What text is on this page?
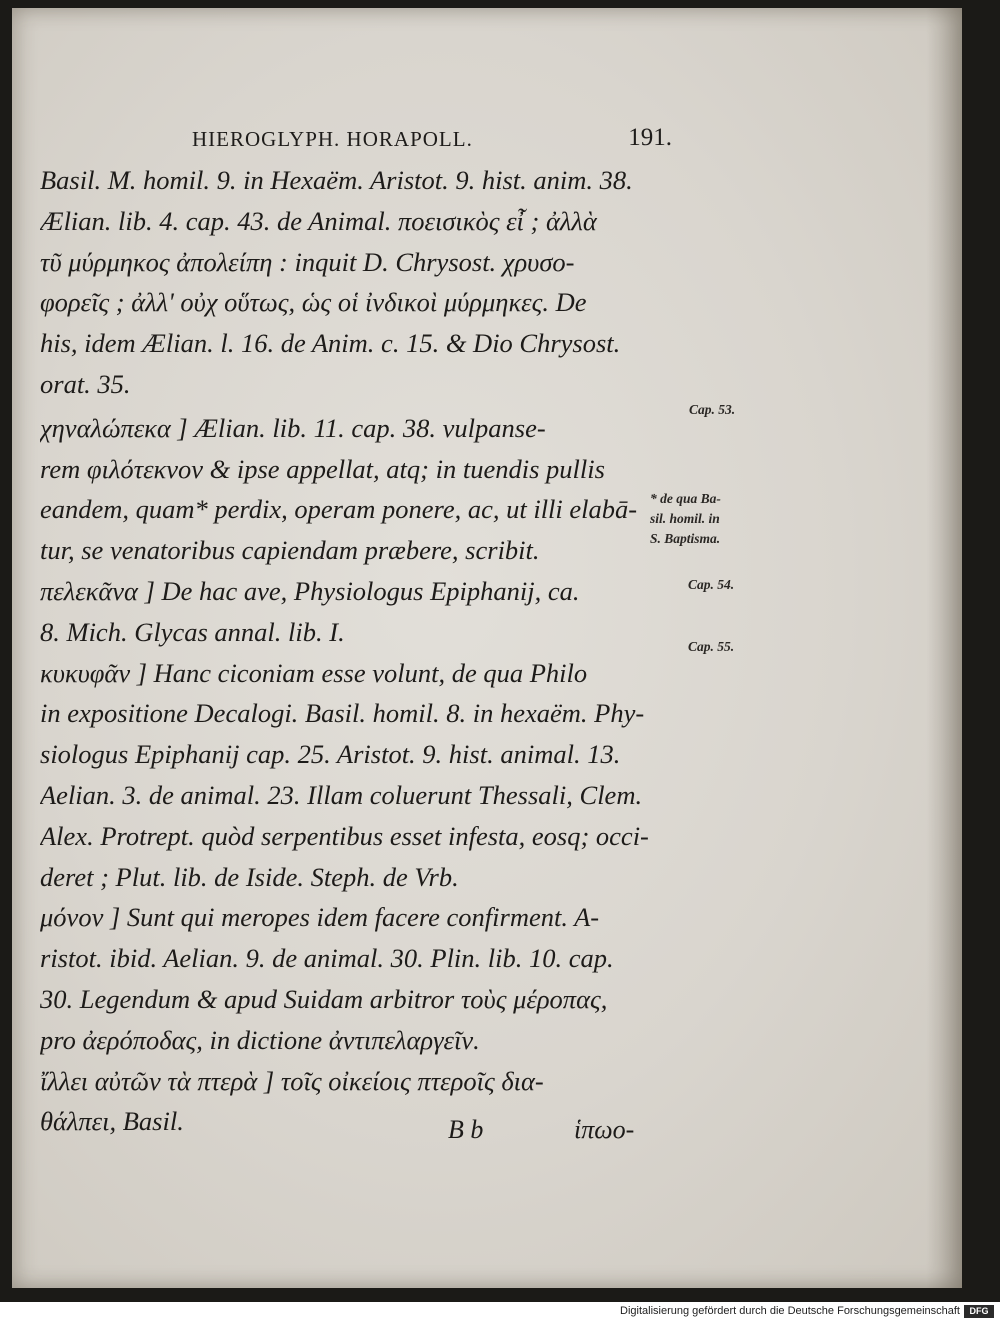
HIEROGLYPH. HORAPOLL.	191.
Basil. M. homil. 9. in Hexaëm. Aristot. 9. hist. anim. 38.
Ælian. lib. 4. cap. 43. de Animal. ποεισικὸς εἶ ; ἀλλὰ
τῦ μύρμηκος ἀπολείπη : inquit D. Chrysost. χρυσο-
φορεῖς ; ἀλλ' οὐχ οὕτως, ὡς οἱ ἰνδικοὶ μύρμηκες. De
his, idem Ælian. l. 16. de Anim. c. 15. & Dio Chrysost.
orat. 35.
χηναλώπεκα ] Ælian. lib. 11. cap. 38. vulpanse-
rem φιλότεκνον & ipse appellat, atq; in tuendis pullis
eandem, quam* perdix, operam ponere, ac, ut illi elabā-
tur, se venatoribus capiendam præbere, scribit.
πελεκᾶνα ] De hac ave, Physiologus Epiphanij, ca.
8. Mich. Glycas annal. lib. I.
κυκυφᾶν ] Hanc ciconiam esse volunt, de qua Philo
in expositione Decalogi. Basil. homil. 8. in hexaëm. Phy-
siologus Epiphanij cap. 25. Aristot. 9. hist. animal. 13.
Aelian. 3. de animal. 23. Illam coluerunt Thessali, Clem.
Alex. Protrept. quòd serpentibus esset infesta, eosq; occi-
deret ; Plut. lib. de Iside. Steph. de Vrb.
μόνον ] Sunt qui meropes idem facere confirment. A-
ristot. ibid. Aelian. 9. de animal. 30. Plin. lib. 10. cap.
30. Legendum & apud Suidam arbitror τοὺς μέροπας,
pro ἀερόποδας, in dictione ἀντιπελαργεῖν.
ἴλλει αὐτῶν τὰ πτερὰ ] τοῖς οἰκείοις πτεροῖς δια-
θάλπει, Basil.
Cap. 53.
* de qua Ba-
sil. homil. in
S. Baptisma.
Cap. 54.
Cap. 55.
B b	ἱπωο-
Digitalisierung gefördert durch die Deutsche Forschungsgemeinschaft	DFG
